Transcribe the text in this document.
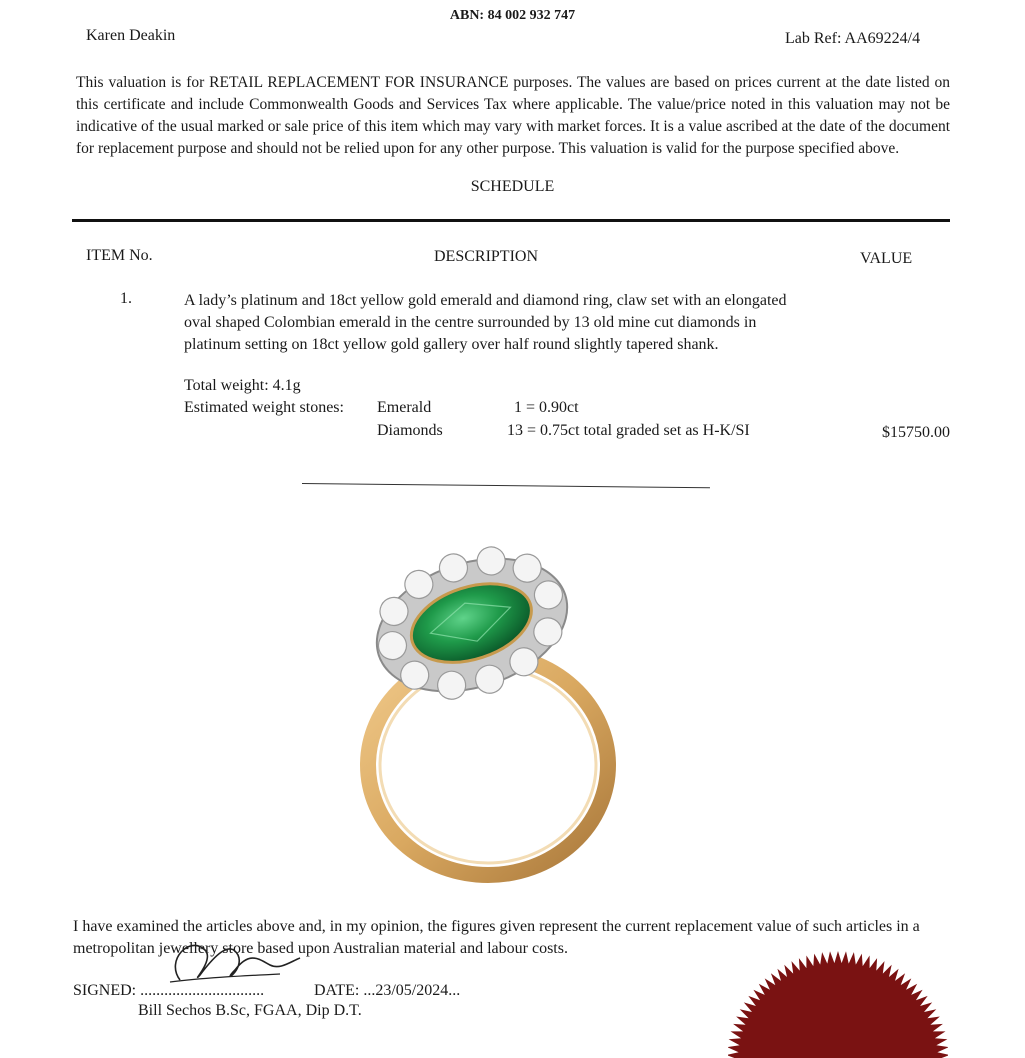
ABN: 84 002 932 747
Karen Deakin	Lab Ref: AA69224/4

This valuation is for RETAIL REPLACEMENT FOR INSURANCE purposes. The values are based on prices current at the date listed on this certificate and include Commonwealth Goods and Services Tax where applicable. The value/price noted in this valuation may not be indicative of the usual marked or sale price of this item which may vary with market forces. It is a value ascribed at the date of the document for replacement purpose and should not be relied upon for any other purpose. This valuation is valid for the purpose specified above.

SCHEDULE
ITEM No.	DESCRIPTION	VALUE
1.	A lady’s platinum and 18ct yellow gold emerald and diamond ring, claw set with an elongated oval shaped Colombian emerald in the centre surrounded by 13 old mine cut diamonds in platinum setting on 18ct yellow gold gallery over half round slightly tapered shank.

Total weight: 4.1g
Estimated weight stones: Emerald	1 = 0.90ct
Diamonds	13 = 0.75ct total graded set as H-K/SI	$15750.00

I have examined the articles above and, in my opinion, the figures given represent the current replacement value of such articles in a metropolitan jewellery store based upon Australian material and labour costs.

SIGNED: ...............................	DATE: ...23/05/2024...
Bill Sechos B.Sc, FGAA, Dip D.T.
